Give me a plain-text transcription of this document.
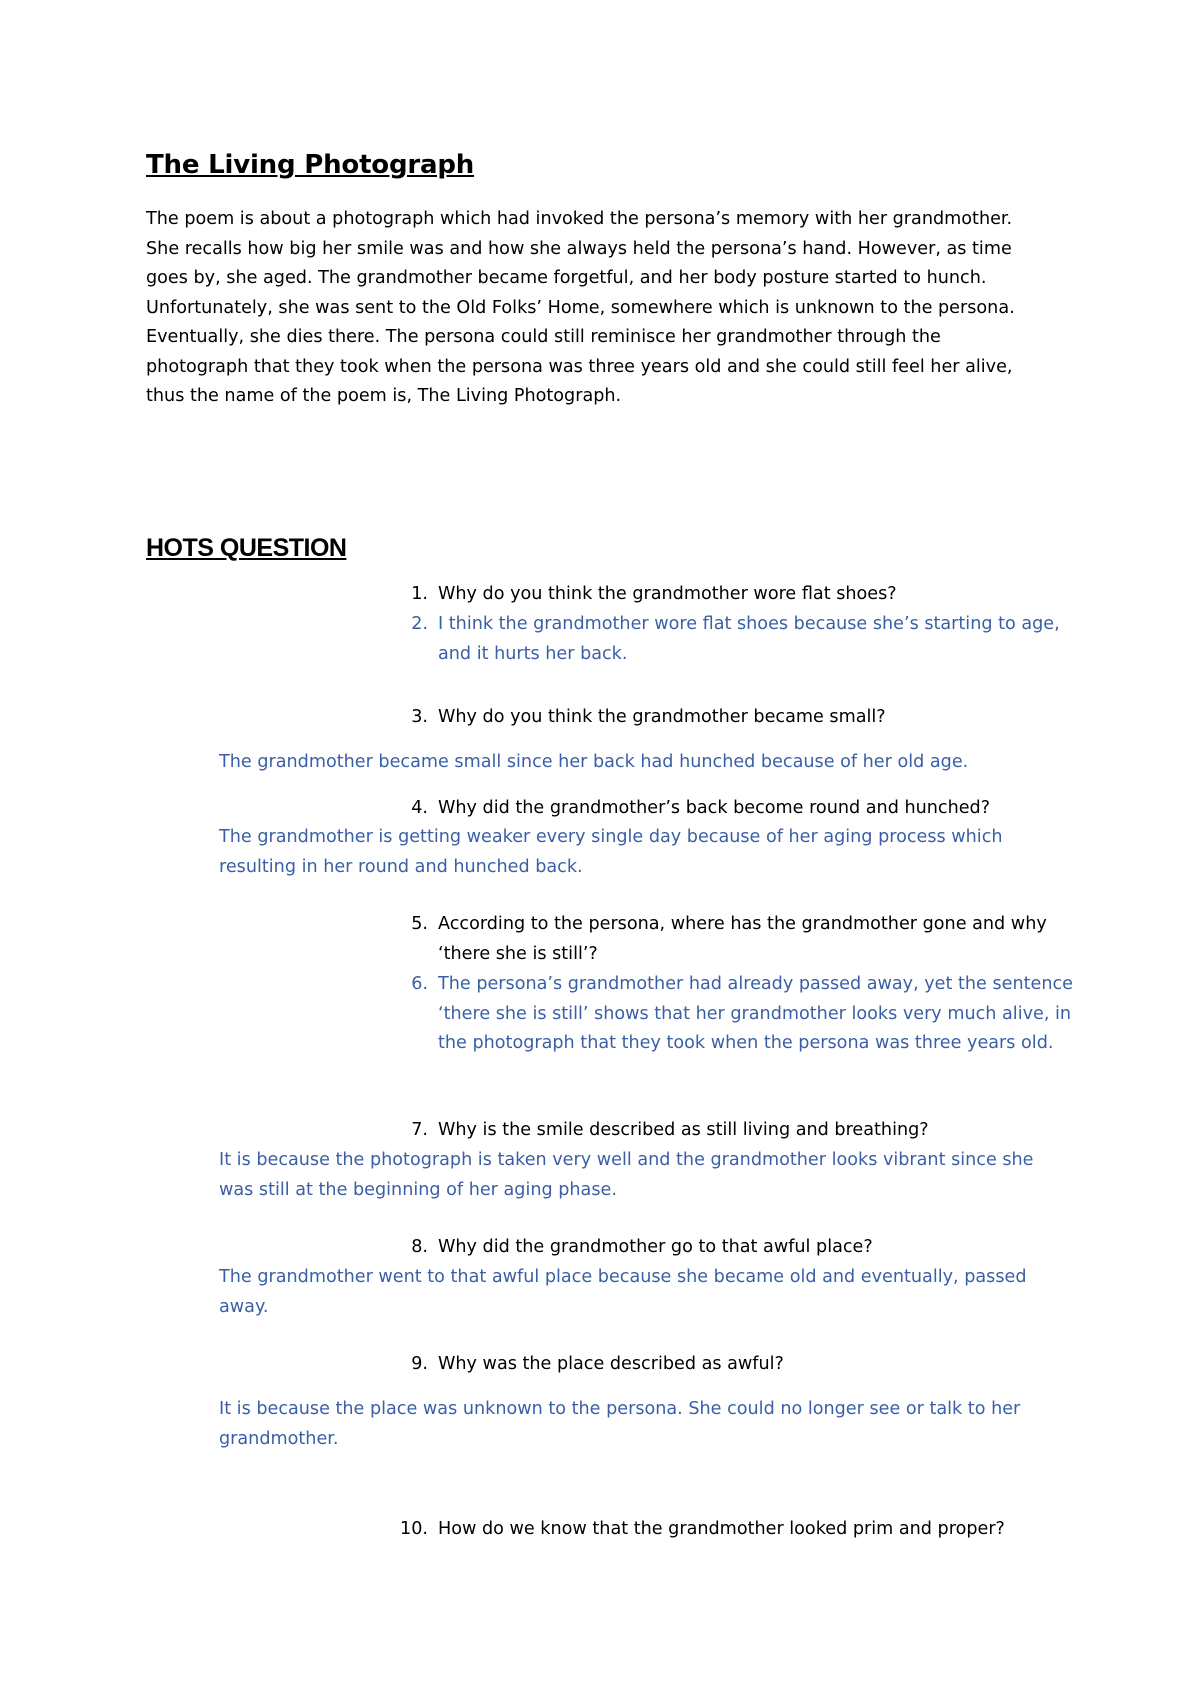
The Living Photograph

The poem is about a photograph which had invoked the persona’s memory with her grandmother. She recalls how big her smile was and how she always held the persona’s hand. However, as time goes by, she aged. The grandmother became forgetful, and her body posture started to hunch. Unfortunately, she was sent to the Old Folks’ Home, somewhere which is unknown to the persona. Eventually, she dies there. The persona could still reminisce her grandmother through the photograph that they took when the persona was three years old and she could still feel her alive, thus the name of the poem is, The Living Photograph.

HOTS QUESTION
1. Why do you think the grandmother wore flat shoes?
2. I think the grandmother wore flat shoes because she’s starting to age, and it hurts her back.
3. Why do you think the grandmother became small?

The grandmother became small since her back had hunched because of her old age.

4. Why did the grandmother’s back become round and hunched?

The grandmother is getting weaker every single day because of her aging process which resulting in her round and hunched back.

5. According to the persona, where has the grandmother gone and why ‘there she is still’?
6. The persona’s grandmother had already passed away, yet the sentence ‘there she is still’ shows that her grandmother looks very much alive, in the photograph that they took when the persona was three years old.
7. Why is the smile described as still living and breathing?

It is because the photograph is taken very well and the grandmother looks vibrant since she was still at the beginning of her aging phase.

8. Why did the grandmother go to that awful place?

The grandmother went to that awful place because she became old and eventually, passed away.

9. Why was the place described as awful?

It is because the place was unknown to the persona. She could no longer see or talk to her grandmother.

10. How do we know that the grandmother looked prim and proper?
